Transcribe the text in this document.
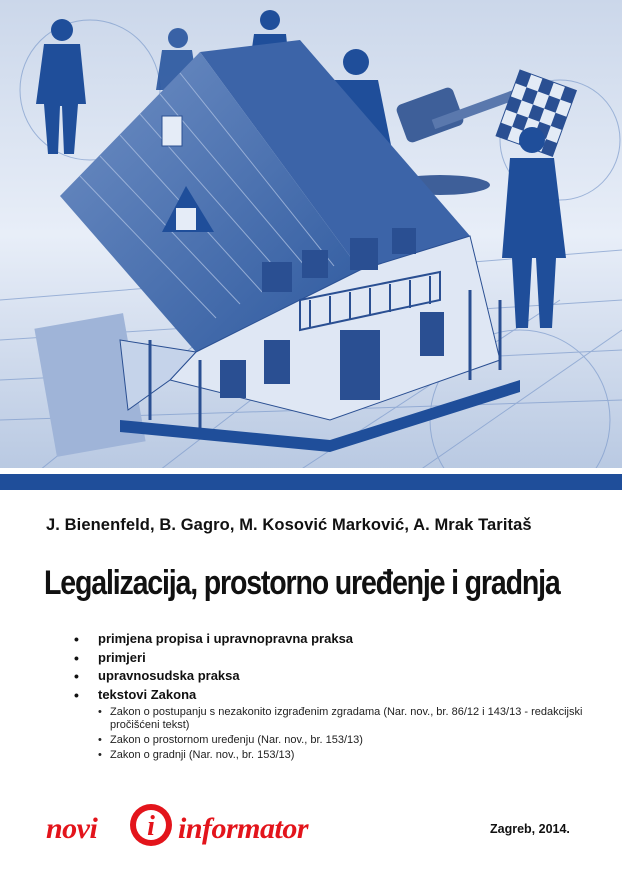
J. Bienenfeld, B. Gagro, M. Kosović Marković, A. Mrak Taritaš
Legalizacija, prostorno uređenje i gradnja
• primjena propisa i upravnopravna praksa
• primjeri
• upravnosudska praksa
• tekstovi Zakona
• Zakon o postupanju s nezakonito izgrađenim zgradama (Nar. nov., br. 86/12 i 143/13 - redakcijski pročišćeni tekst)
• Zakon o prostornom uređenju (Nar. nov., br. 153/13)
• Zakon o gradnji (Nar. nov., br. 153/13)
novi i informator	Zagreb, 2014.
